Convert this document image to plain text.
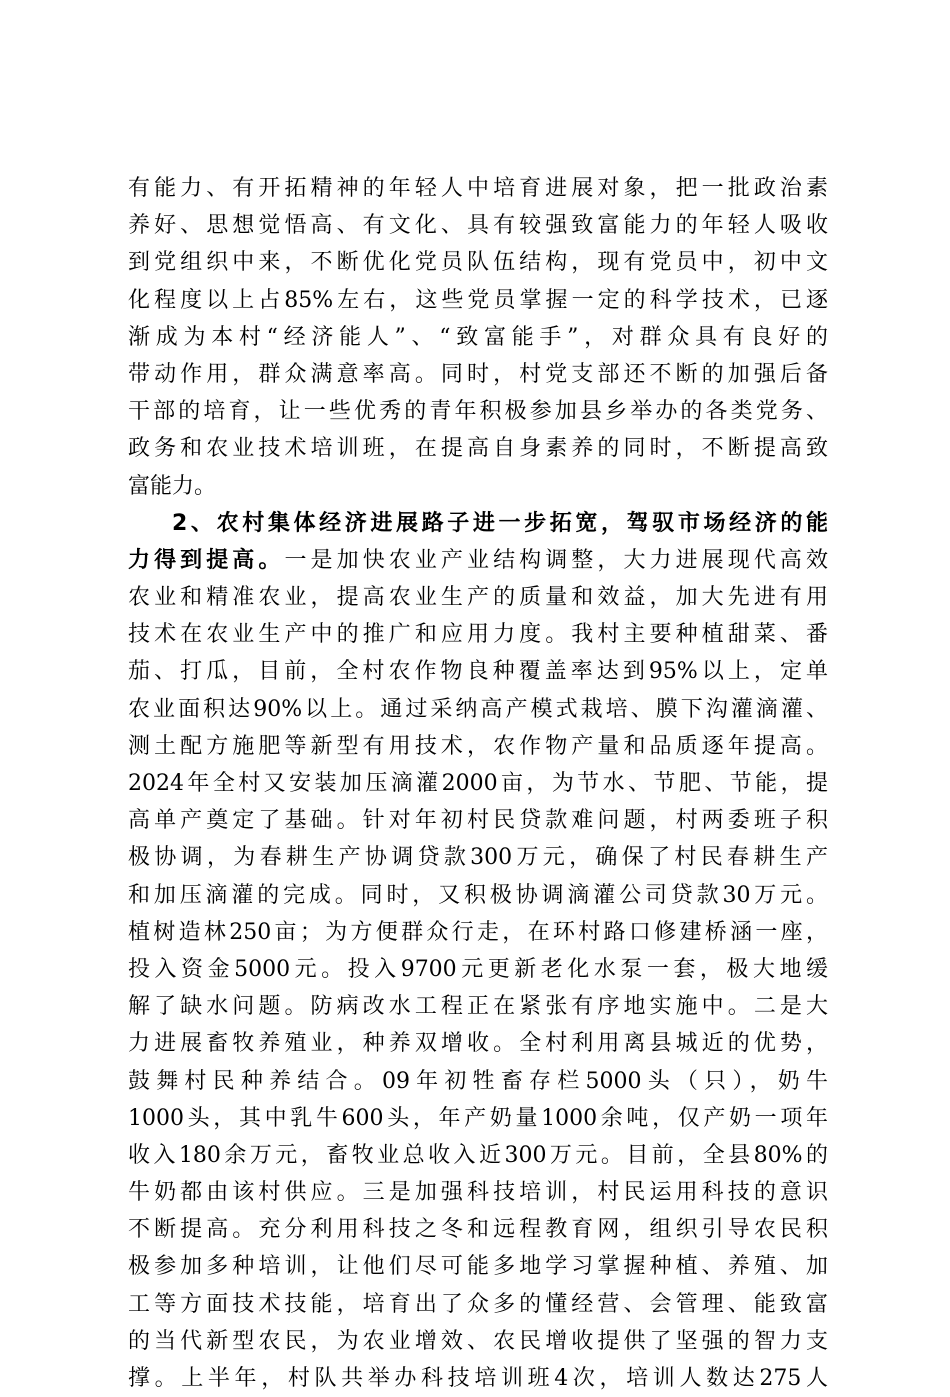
有能力、有开拓精神的年轻人中培育进展对象，把一批政治素
养好、思想觉悟高、有文化、具有较强致富能力的年轻人吸收
到党组织中来，不断优化党员队伍结构，现有党员中，初中文
化程度以上占85%左右，这些党员掌握一定的科学技术，已逐
渐成为本村“经济能人”、“致富能手”，对群众具有良好的
带动作用，群众满意率高。同时，村党支部还不断的加强后备
干部的培育，让一些优秀的青年积极参加县乡举办的各类党务、
政务和农业技术培训班，在提高自身素养的同时，不断提高致
富能力。
2、农村集体经济进展路子进一步拓宽，驾驭市场经济的能
力得到提高。一是加快农业产业结构调整，大力进展现代高效
农业和精准农业，提高农业生产的质量和效益，加大先进有用
技术在农业生产中的推广和应用力度。我村主要种植甜菜、番
茄、打瓜，目前，全村农作物良种覆盖率达到95%以上，定单
农业面积达90%以上。通过采纳高产模式栽培、膜下沟灌滴灌、
测土配方施肥等新型有用技术，农作物产量和品质逐年提高。
2024年全村又安装加压滴灌2000亩，为节水、节肥、节能，提
高单产奠定了基础。针对年初村民贷款难问题，村两委班子积
极协调，为春耕生产协调贷款300万元，确保了村民春耕生产
和加压滴灌的完成。同时，又积极协调滴灌公司贷款30万元。
植树造林250亩；为方便群众行走，在环村路口修建桥涵一座，
投入资金5000元。投入9700元更新老化水泵一套，极大地缓
解了缺水问题。防病改水工程正在紧张有序地实施中。二是大
力进展畜牧养殖业，种养双增收。全村利用离县城近的优势，
鼓舞村民种养结合。09年初牲畜存栏5000头（只），奶牛
1000头，其中乳牛600头，年产奶量1000余吨，仅产奶一项年
收入180余万元，畜牧业总收入近300万元。目前，全县80%的
牛奶都由该村供应。三是加强科技培训，村民运用科技的意识
不断提高。充分利用科技之冬和远程教育网，组织引导农民积
极参加多种培训，让他们尽可能多地学习掌握种植、养殖、加
工等方面技术技能，培育出了众多的懂经营、会管理、能致富
的当代新型农民，为农业增效、农民增收提供了坚强的智力支
撑。上半年，村队共举办科技培训班4次，培训人数达275人
